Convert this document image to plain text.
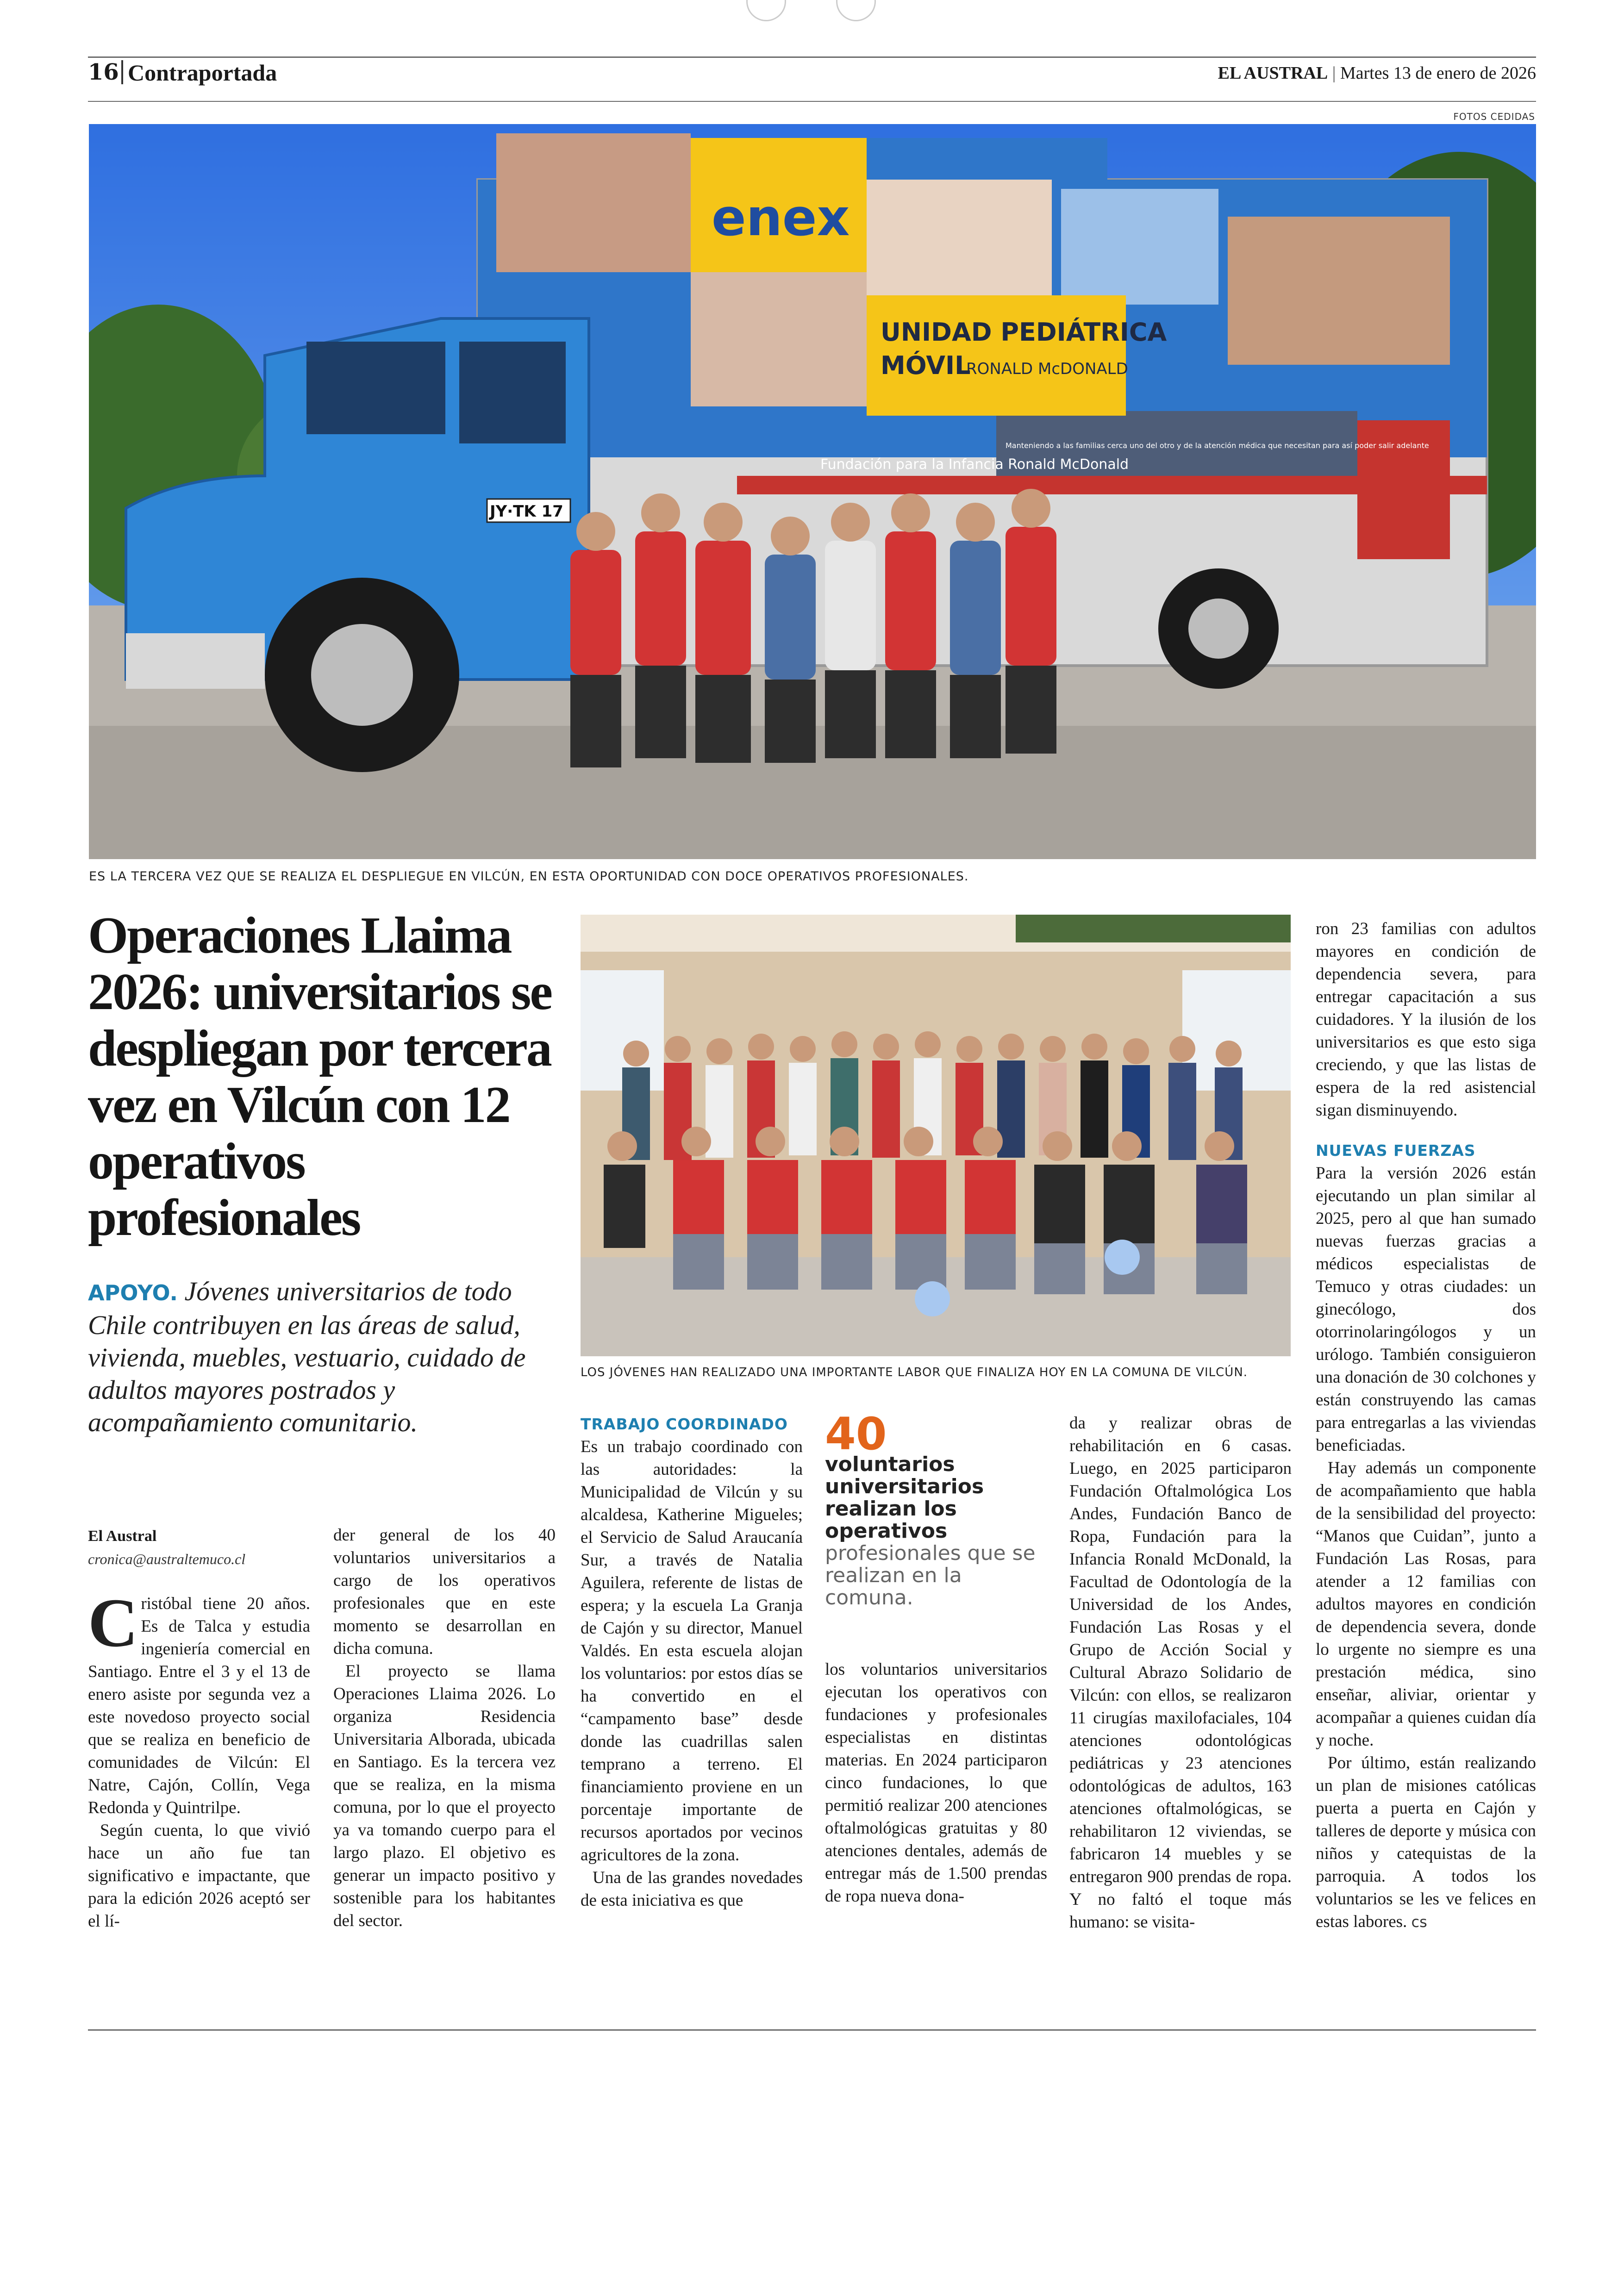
16 Contraportada	EL AUSTRAL | Martes 13 de enero de 2026
FOTOS CEDIDAS
enex
UNIDAD PEDIÁTRICA
MÓVIL
RONALD McDONALD
Fundación para la Infancia Ronald McDonald
Manteniendo a las familias cerca uno del otro y de la atención médica que necesitan para así poder salir adelante
JY·TK 17
ES LA TERCERA VEZ QUE SE REALIZA EL DESPLIEGUE EN VILCÚN, EN ESTA OPORTUNIDAD CON DOCE OPERATIVOS PROFESIONALES.
Operaciones Llaima 2026: universitarios se despliegan por tercera vez en Vilcún con 12 operativos profesionales
APOYO. Jóvenes universitarios de todo Chile contribuyen en las áreas de salud, vivienda, muebles, vestuario, cuidado de adultos mayores postrados y acompañamiento comunitario.
LOS JÓVENES HAN REALIZADO UNA IMPORTANTE LABOR QUE FINALIZA HOY EN LA COMUNA DE VILCÚN.
El Austral
cronica@australtemuco.cl

Cristóbal tiene 20 años. Es de Talca y estudia ingeniería comercial en Santiago. Entre el 3 y el 13 de enero asiste por segunda vez a este novedoso proyecto social que se realiza en beneficio de comunidades de Vilcún: El Natre, Cajón, Collín, Vega Redonda y Quintrilpe.

Según cuenta, lo que vivió hace un año fue tan significativo e impactante, que para la edición 2026 aceptó ser el lí-

der general de los 40 voluntarios universitarios a cargo de los operativos profesionales que en este momento se desarrollan en dicha comuna.

El proyecto se llama Operaciones Llaima 2026. Lo organiza Residencia Universitaria Alborada, ubicada en Santiago. Es la tercera vez que se realiza, en la misma comuna, por lo que el proyecto ya va tomando cuerpo para el largo plazo. El objetivo es generar un impacto positivo y sostenible para los habitantes del sector.

TRABAJO COORDINADO

Es un trabajo coordinado con las autoridades: la Municipalidad de Vilcún y su alcaldesa, Katherine Migueles; el Servicio de Salud Araucanía Sur, a través de Natalia Aguilera, referente de listas de espera; y la escuela La Granja de Cajón y su director, Manuel Valdés. En esta escuela alojan los voluntarios: por estos días se ha convertido en el “campamento base” desde donde las cuadrillas salen temprano a terreno. El financiamiento proviene en un porcentaje importante de recursos aportados por vecinos agricultores de la zona.

Una de las grandes novedades de esta iniciativa es que

40
voluntarios universitarios realizan los operativos profesionales que se realizan en la comuna.

los voluntarios universitarios ejecutan los operativos con fundaciones y profesionales especialistas en distintas materias. En 2024 participaron cinco fundaciones, lo que permitió realizar 200 atenciones oftalmológicas gratuitas y 80 atenciones dentales, además de entregar más de 1.500 prendas de ropa nueva dona-

da y realizar obras de rehabilitación en 6 casas. Luego, en 2025 participaron Fundación Oftalmológica Los Andes, Fundación Banco de Ropa, Fundación para la Infancia Ronald McDonald, la Facultad de Odontología de la Universidad de los Andes, Fundación Las Rosas y el Grupo de Acción Social y Cultural Abrazo Solidario de Vilcún: con ellos, se realizaron 11 cirugías maxilofaciales, 104 atenciones odontológicas pediátricas y 23 atenciones odontológicas de adultos, 163 atenciones oftalmológicas, se rehabilitaron 12 viviendas, se fabricaron 14 muebles y se entregaron 900 prendas de ropa. Y no faltó el toque más humano: se visita-

ron 23 familias con adultos mayores en condición de dependencia severa, para entregar capacitación a sus cuidadores. Y la ilusión de los universitarios es que esto siga creciendo, y que las listas de espera de la red asistencial sigan disminuyendo.

NUEVAS FUERZAS

Para la versión 2026 están ejecutando un plan similar al 2025, pero al que han sumado nuevas fuerzas gracias a médicos especialistas de Temuco y otras ciudades: un ginecólogo, dos otorrinolaringólogos y un urólogo. También consiguieron una donación de 30 colchones y están construyendo las camas para entregarlas a las viviendas beneficiadas.

Hay además un componente de acompañamiento que habla de la sensibilidad del proyecto: “Manos que Cuidan”, junto a Fundación Las Rosas, para atender a 12 familias con adultos mayores en condición de dependencia severa, donde lo urgente no siempre es una prestación médica, sino enseñar, aliviar, orientar y acompañar a quienes cuidan día y noche.

Por último, están realizando un plan de misiones católicas puerta a puerta en Cajón y talleres de deporte y música con niños y catequistas de la parroquia. A todos los voluntarios se les ve felices en estas labores. cs
